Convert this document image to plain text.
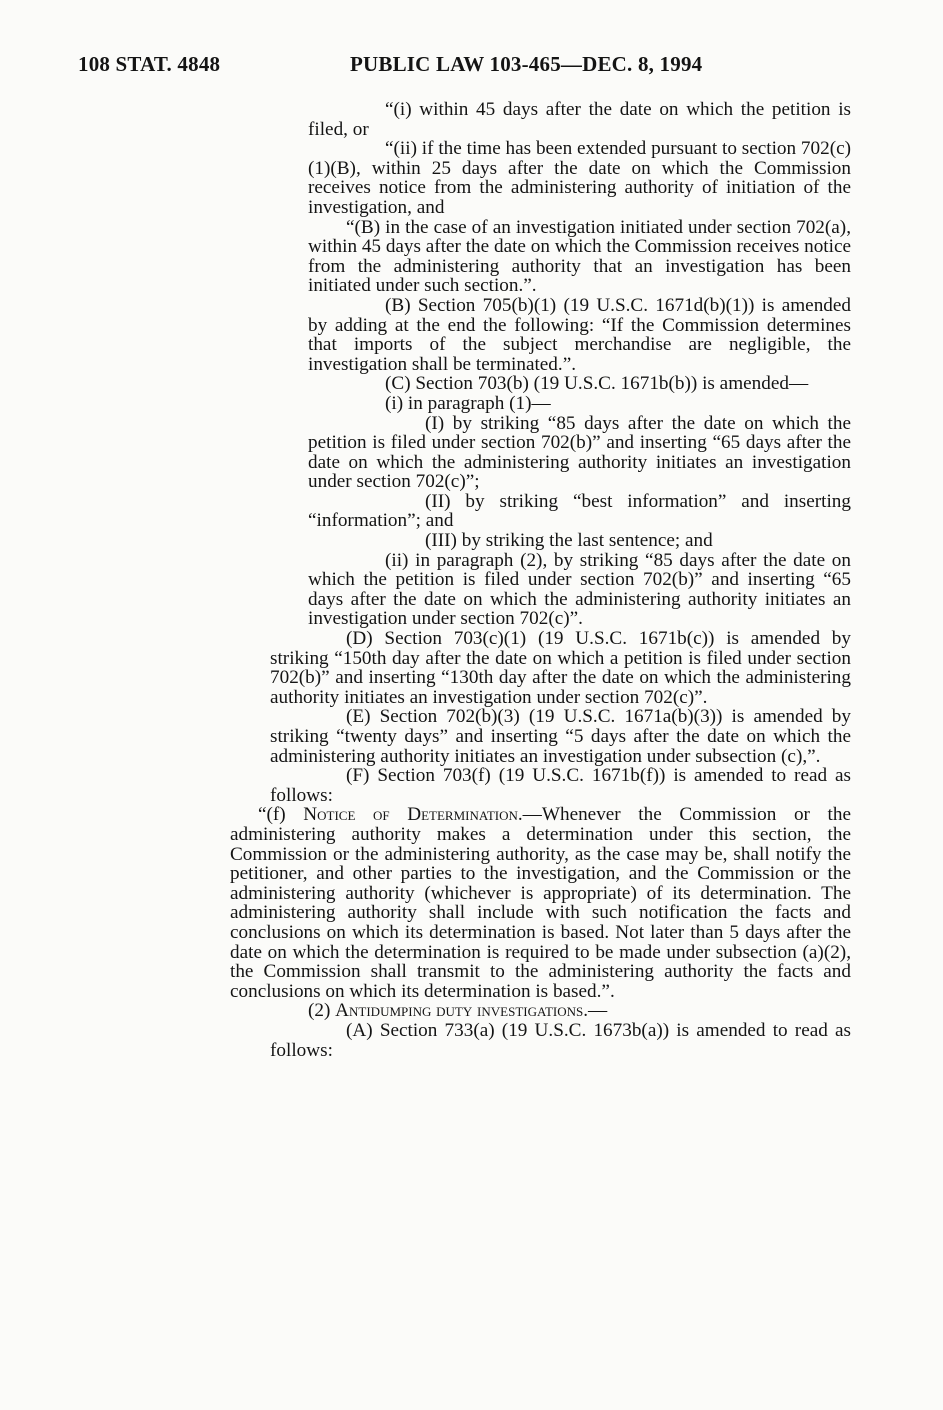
108 STAT. 4848	PUBLIC LAW 103-465—DEC. 8, 1994

“(i) within 45 days after the date on which the petition is filed, or

“(ii) if the time has been extended pursuant to section 702(c)(1)(B), within 25 days after the date on which the Commission receives notice from the administering authority of initiation of the investigation, and

“(B) in the case of an investigation initiated under section 702(a), within 45 days after the date on which the Commission receives notice from the administering authority that an investigation has been initiated under such section.”.

(B) Section 705(b)(1) (19 U.S.C. 1671d(b)(1)) is amended by adding at the end the following: “If the Commission determines that imports of the subject merchandise are negligible, the investigation shall be terminated.”.

(C) Section 703(b) (19 U.S.C. 1671b(b)) is amended—

(i) in paragraph (1)—

(I) by striking “85 days after the date on which the petition is filed under section 702(b)” and inserting “65 days after the date on which the administering authority initiates an investigation under section 702(c)”;

(II) by striking “best information” and inserting “information”; and

(III) by striking the last sentence; and

(ii) in paragraph (2), by striking “85 days after the date on which the petition is filed under section 702(b)” and inserting “65 days after the date on which the administering authority initiates an investigation under section 702(c)”.

(D) Section 703(c)(1) (19 U.S.C. 1671b(c)) is amended by striking “150th day after the date on which a petition is filed under section 702(b)” and inserting “130th day after the date on which the administering authority initiates an investigation under section 702(c)”.

(E) Section 702(b)(3) (19 U.S.C. 1671a(b)(3)) is amended by striking “twenty days” and inserting “5 days after the date on which the administering authority initiates an investigation under subsection (c),”.

(F) Section 703(f) (19 U.S.C. 1671b(f)) is amended to read as follows:

“(f) Notice of Determination.—Whenever the Commission or the administering authority makes a determination under this section, the Commission or the administering authority, as the case may be, shall notify the petitioner, and other parties to the investigation, and the Commission or the administering authority (whichever is appropriate) of its determination. The administering authority shall include with such notification the facts and conclusions on which its determination is based. Not later than 5 days after the date on which the determination is required to be made under subsection (a)(2), the Commission shall transmit to the administering authority the facts and conclusions on which its determination is based.”.

(2) Antidumping duty investigations.—

(A) Section 733(a) (19 U.S.C. 1673b(a)) is amended to read as follows:
